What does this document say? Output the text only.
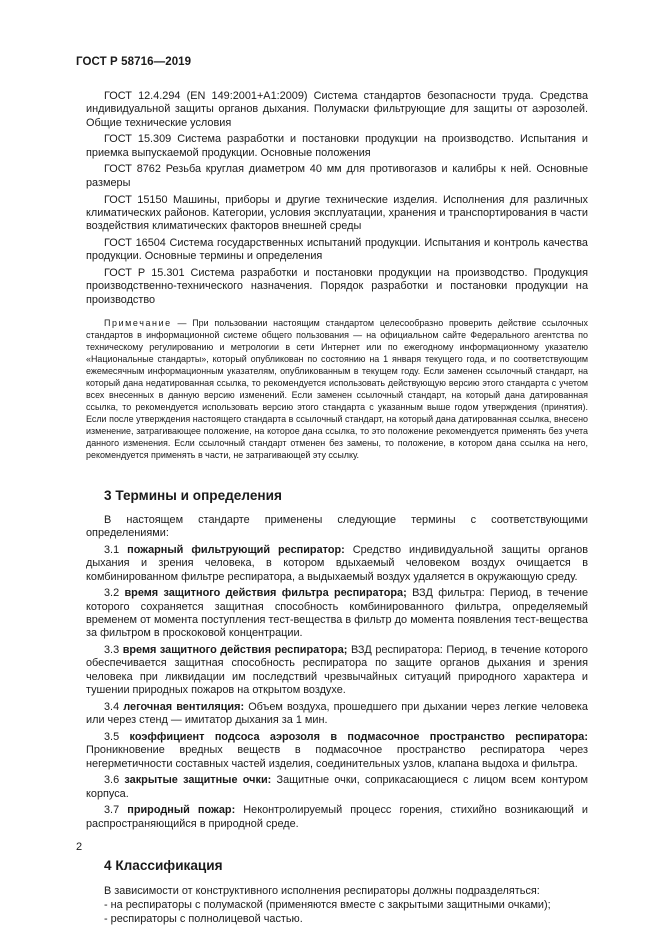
ГОСТ Р 58716—2019

ГОСТ 12.4.294 (EN 149:2001+A1:2009) Система стандартов безопасности труда. Средства индивидуальной защиты органов дыхания. Полумаски фильтрующие для защиты от аэрозолей. Общие технические условия

ГОСТ 15.309 Система разработки и постановки продукции на производство. Испытания и приемка выпускаемой продукции. Основные положения

ГОСТ 8762 Резьба круглая диаметром 40 мм для противогазов и калибры к ней. Основные размеры

ГОСТ 15150 Машины, приборы и другие технические изделия. Исполнения для различных климатических районов. Категории, условия эксплуатации, хранения и транспортирования в части воздействия климатических факторов внешней среды

ГОСТ 16504 Система государственных испытаний продукции. Испытания и контроль качества продукции. Основные термины и определения

ГОСТ Р 15.301 Система разработки и постановки продукции на производство. Продукция производственно-технического назначения. Порядок разработки и постановки продукции на производство

Примечание — При пользовании настоящим стандартом целесообразно проверить действие ссылочных стандартов в информационной системе общего пользования — на официальном сайте Федерального агентства по техническому регулированию и метрологии в сети Интернет или по ежегодному информационному указателю «Национальные стандарты», который опубликован по состоянию на 1 января текущего года, и по соответствующим ежемесячным информационным указателям, опубликованным в текущем году. Если заменен ссылочный стандарт, на который дана недатированная ссылка, то рекомендуется использовать действующую версию этого стандарта с учетом всех внесенных в данную версию изменений. Если заменен ссылочный стандарт, на который дана датированная ссылка, то рекомендуется использовать версию этого стандарта с указанным выше годом утверждения (принятия). Если после утверждения настоящего стандарта в ссылочный стандарт, на который дана датированная ссылка, внесено изменение, затрагивающее положение, на которое дана ссылка, то это положение рекомендуется применять без учета данного изменения. Если ссылочный стандарт отменен без замены, то положение, в котором дана ссылка на него, рекомендуется применять в части, не затрагивающей эту ссылку.

3 Термины и определения

В настоящем стандарте применены следующие термины с соответствующими определениями:

3.1 пожарный фильтрующий респиратор: Средство индивидуальной защиты органов дыхания и зрения человека, в котором вдыхаемый человеком воздух очищается в комбинированном фильтре респиратора, а выдыхаемый воздух удаляется в окружающую среду.

3.2 время защитного действия фильтра респиратора; ВЗД фильтра: Период, в течение которого сохраняется защитная способность комбинированного фильтра, определяемый временем от момента поступления тест-вещества в фильтр до момента появления тест-вещества за фильтром в проскоковой концентрации.

3.3 время защитного действия респиратора; ВЗД респиратора: Период, в течение которого обеспечивается защитная способность респиратора по защите органов дыхания и зрения человека при ликвидации им последствий чрезвычайных ситуаций природного характера и тушении природных пожаров на открытом воздухе.

3.4 легочная вентиляция: Объем воздуха, прошедшего при дыхании через легкие человека или через стенд — имитатор дыхания за 1 мин.

3.5 коэффициент подсоса аэрозоля в подмасочное пространство респиратора: Проникновение вредных веществ в подмасочное пространство респиратора через негерметичности составных частей изделия, соединительных узлов, клапана выдоха и фильтра.

3.6 закрытые защитные очки: Защитные очки, соприкасающиеся с лицом всем контуром корпуса.

3.7 природный пожар: Неконтролируемый процесс горения, стихийно возникающий и распространяющийся в природной среде.

4 Классификация

В зависимости от конструктивного исполнения респираторы должны подразделяться:

- на респираторы с полумаской (применяются вместе с закрытыми защитными очками);

- респираторы с полнолицевой частью.

2
